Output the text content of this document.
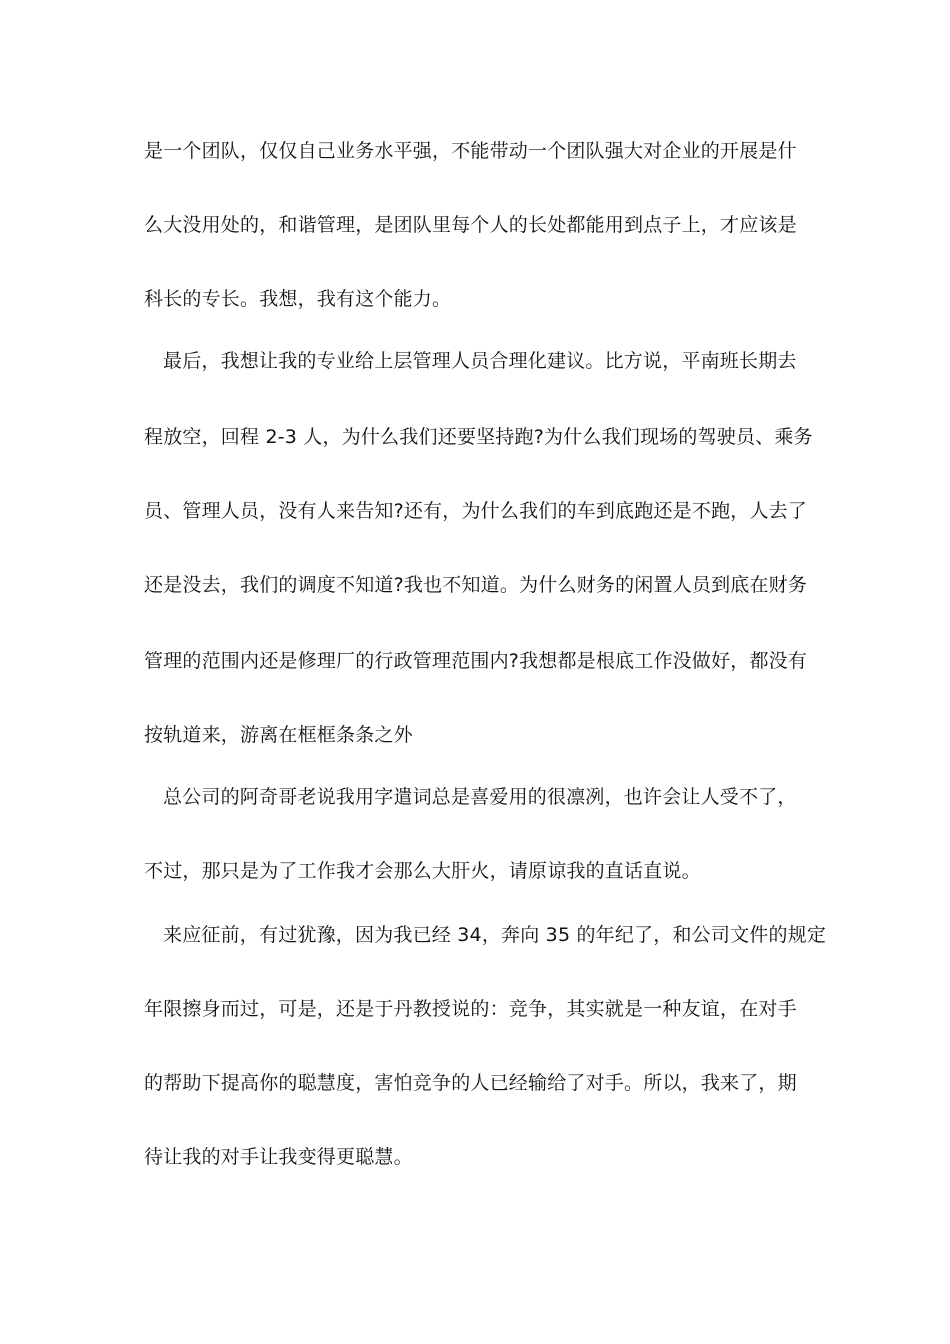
是一个团队，仅仅自己业务水平强，不能带动一个团队强大对企业的开展是什
么大没用处的，和谐管理，是团队里每个人的长处都能用到点子上，才应该是
科长的专长。我想，我有这个能力。
最后，我想让我的专业给上层管理人员合理化建议。比方说，平南班长期去
程放空，回程 2-3 人，为什么我们还要坚持跑?为什么我们现场的驾驶员、乘务
员、管理人员，没有人来告知?还有，为什么我们的车到底跑还是不跑，人去了
还是没去，我们的调度不知道?我也不知道。为什么财务的闲置人员到底在财务
管理的范围内还是修理厂的行政管理范围内?我想都是根底工作没做好，都没有
按轨道来，游离在框框条条之外
总公司的阿奇哥老说我用字遣词总是喜爱用的很凛冽，也许会让人受不了，
不过，那只是为了工作我才会那么大肝火，请原谅我的直话直说。
来应征前，有过犹豫，因为我已经 34，奔向 35 的年纪了，和公司文件的规定
年限擦身而过，可是，还是于丹教授说的：竞争，其实就是一种友谊，在对手
的帮助下提高你的聪慧度，害怕竞争的人已经输给了对手。所以，我来了，期
待让我的对手让我变得更聪慧。
